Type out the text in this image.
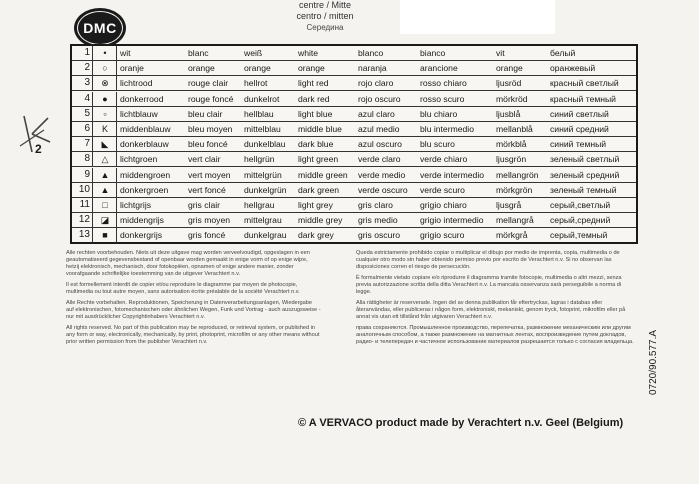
DMC
centre / Mitte
centro / mitten
Середина
1	•	wit	blanc	weiß	white	blanco	bianco	vit	белый
2	○	oranje	orange	orange	orange	naranja	arancione	orange	оранжевый
3	⊗	lichtrood	rouge clair	hellrot	light red	rojo claro	rosso chiaro	ljusröd	красный светлый
4	●	donkerrood	rouge foncé	dunkelrot	dark red	rojo oscuro	rosso scuro	mörkröd	красный темный
5	▫	lichtblauw	bleu clair	hellblau	light blue	azul claro	blu chiaro	ljusblå	синий светлый
6	K	middenblauw	bleu moyen	mittelblau	middle blue	azul medio	blu intermedio	mellanblå	синий средний
7	◣	donkerblauw	bleu foncé	dunkelblau	dark blue	azul oscuro	blu scuro	mörkblå	синий темный
8	△	lichtgroen	vert clair	hellgrün	light green	verde claro	verde chiaro	ljusgrön	зеленый светлый
9	▲	middengroen	vert moyen	mittelgrün	middle green	verde medio	verde intermedio	mellangrön	зеленый средний
10	▲	donkergroen	vert foncé	dunkelgrün	dark green	verde oscuro	verde scuro	mörkgrön	зеленый темный
11	□	lichtgrijs	gris clair	hellgrau	light grey	gris claro	grigio chiaro	ljusgrå	серый,светлый
12	◪	middengrijs	gris moyen	mittelgrau	middle grey	gris medio	grigio intermedio	mellangrå	серый,средний
13	■	donkergrijs	gris foncé	dunkelgrau	dark grey	gris oscuro	grigio scuro	mörkgrå	серый,темный
2

Alle rechten voorbehouden. Niets uit deze uitgave mag worden verveelvoudigd, opgeslagen in een geautomatiseerd gegevensbestand of openbaar worden gemaakt in enige vorm of op enige wijze, hetzij elektronisch, mechanisch, door fotokopiëen, opnamen of enige andere manier, zonder voorafgaande schriftelijke toestemming van de uitgever Verachtert n.v.

Il est formellement interdit de copier et/ou reproduire le diagramme par moyen de photocopie, multimedia ou tout autre moyen, sans autorisation écrite préalable de la société Verachtert n.v.

Alle Rechte vorbehalten. Reproduktionen, Speicherung in Datenverarbeitungsanlagen, Wiedergabe auf elektronischen, fotomechanischen oder ähnlichen Wegen, Funk und Vortrag - auch auszugsweise - nur mit ausdrücklicher Copyrightinhabers Verachtert n.v.

All rights reserved. No part of this publication may be reproduced, or retrieval system, or published in any form or way, electronically, mechanically, by print, photoprint, microfilm or any other means without prior written permission from the publisher Verachtert n.v.

Queda estrictamente prohibido copiar o multiplicar el dibujo por medio de imprenta, copia, multimedia o de cualquier otro modo sin haber obtenido permiso previo por escrito de Verachtert n.v. Si no observan las disposiciones corren el riesgo de persecución.

È formalmente vietato copiare e/o riprodurre il diagramma tramite fotocopie, multimedia o altri mezzi, senza previa autorizzazione scritta della ditta Verachtert n.v. La mancata osservanza sarà perseguibile a norma di legge.

Alla rättigheter är reserverade. Ingen del av denna publikation får eftertryckas, lagras i databas eller återanvändas, eller publiceras i någon form, elektroniskt, mekaniskt, genom tryck, fotoprint, mikrofilm eller på annat vis utan ett tillstånd från utgivaren Verachtert n.v.

права сохраняются. Промышленное производство, перепечатка, размножение механическим или другим аналогичным способом, а также размножение на магнитных лентах, воспроизведение путем докладов, радио- и телепередач и частичное использование материалов разрешается только с согласия владельца.

© A VERVACO product made by Verachtert n.v. Geel (Belgium)
0720/90.577.A
